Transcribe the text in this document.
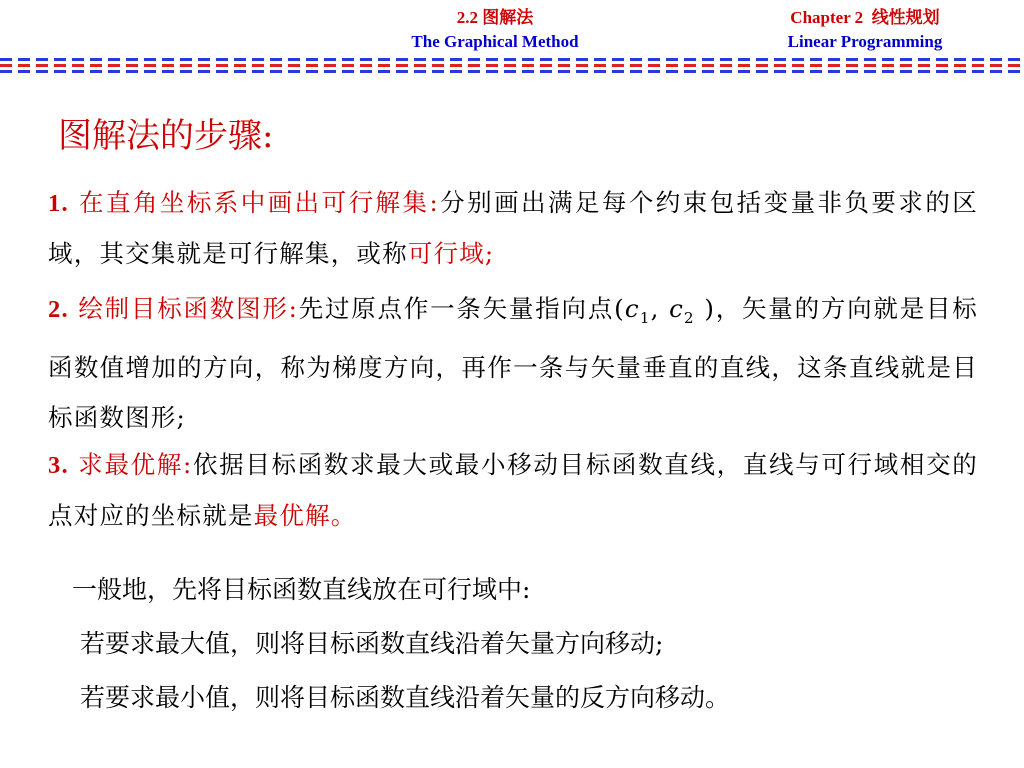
2.2 图解法
The Graphical Method
Chapter 2 线性规划
Linear Programming
图解法的步骤:
1. 在直角坐标系中画出可行解集:分别画出满足每个约束包括变量非负要求的区域，其交集就是可行解集，或称可行域;
2. 绘制目标函数图形:先过原点作一条矢量指向点($c_1$, $c_2$ )，矢量的方向就是目标函数值增加的方向，称为梯度方向，再作一条与矢量垂直的直线，这条直线就是目标函数图形;
3. 求最优解:依据目标函数求最大或最小移动目标函数直线，直线与可行域相交的点对应的坐标就是最优解。
一般地，先将目标函数直线放在可行域中:
若要求最大值，则将目标函数直线沿着矢量方向移动;
若要求最小值，则将目标函数直线沿着矢量的反方向移动。
